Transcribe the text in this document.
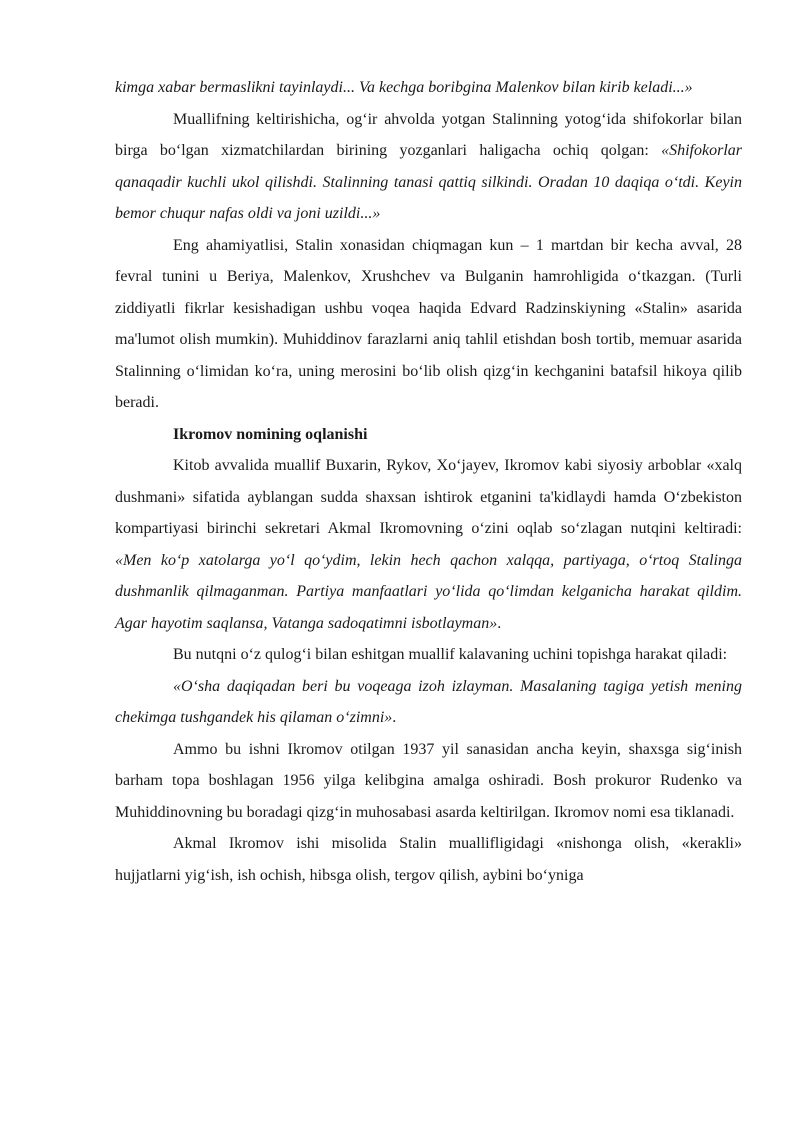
kimga xabar bermaslikni tayinlaydi... Va kechga boribgina Malenkov bilan kirib keladi...»

Muallifning keltirishicha, og‘ir ahvolda yotgan Stalinning yotog‘ida shifokorlar bilan birga bo‘lgan xizmatchilardan birining yozganlari haligacha ochiq qolgan: «Shifokorlar qanaqadir kuchli ukol qilishdi. Stalinning tanasi qattiq silkindi. Oradan 10 daqiqa o‘tdi. Keyin bemor chuqur nafas oldi va joni uzildi...»

Eng ahamiyatlisi, Stalin xonasidan chiqmagan kun – 1 martdan bir kecha avval, 28 fevral tunini u Beriya, Malenkov, Xrushchev va Bulganin hamrohligida o‘tkazgan. (Turli ziddiyatli fikrlar kesishadigan ushbu voqea haqida Edvard Radzinskiyning «Stalin» asarida ma'lumot olish mumkin). Muhiddinov farazlarni aniq tahlil etishdan bosh tortib, memuar asarida Stalinning o‘limidan ko‘ra, uning merosini bo‘lib olish qizg‘in kechganini batafsil hikoya qilib beradi.

Ikromov nomining oqlanishi

Kitob avvalida muallif Buxarin, Rykov, Xo‘jayev, Ikromov kabi siyosiy arboblar «xalq dushmani» sifatida ayblangan sudda shaxsan ishtirok etganini ta'kidlaydi hamda O‘zbekiston kompartiyasi birinchi sekretari Akmal Ikromovning o‘zini oqlab so‘zlagan nutqini keltiradi: «Men ko‘p xatolarga yo‘l qo‘ydim, lekin hech qachon xalqqa, partiyaga, o‘rtoq Stalinga dushmanlik qilmaganman. Partiya manfaatlari yo‘lida qo‘limdan kelganicha harakat qildim. Agar hayotim saqlansa, Vatanga sadoqatimni isbotlayman».

Bu nutqni o‘z qulog‘i bilan eshitgan muallif kalavaning uchini topishga harakat qiladi:

«O‘sha daqiqadan beri bu voqeaga izoh izlayman. Masalaning tagiga yetish mening chekimga tushgandek his qilaman o‘zimni».

Ammo bu ishni Ikromov otilgan 1937 yil sanasidan ancha keyin, shaxsga sig‘inish barham topa boshlagan 1956 yilga kelibgina amalga oshiradi. Bosh prokuror Rudenko va Muhiddinovning bu boradagi qizg‘in muhosabasi asarda keltirilgan. Ikromov nomi esa tiklanadi.

Akmal Ikromov ishi misolida Stalin muallifligidagi «nishonga olish, «kerakli» hujjatlarni yig‘ish, ish ochish, hibsga olish, tergov qilish, aybini bo‘yniga
